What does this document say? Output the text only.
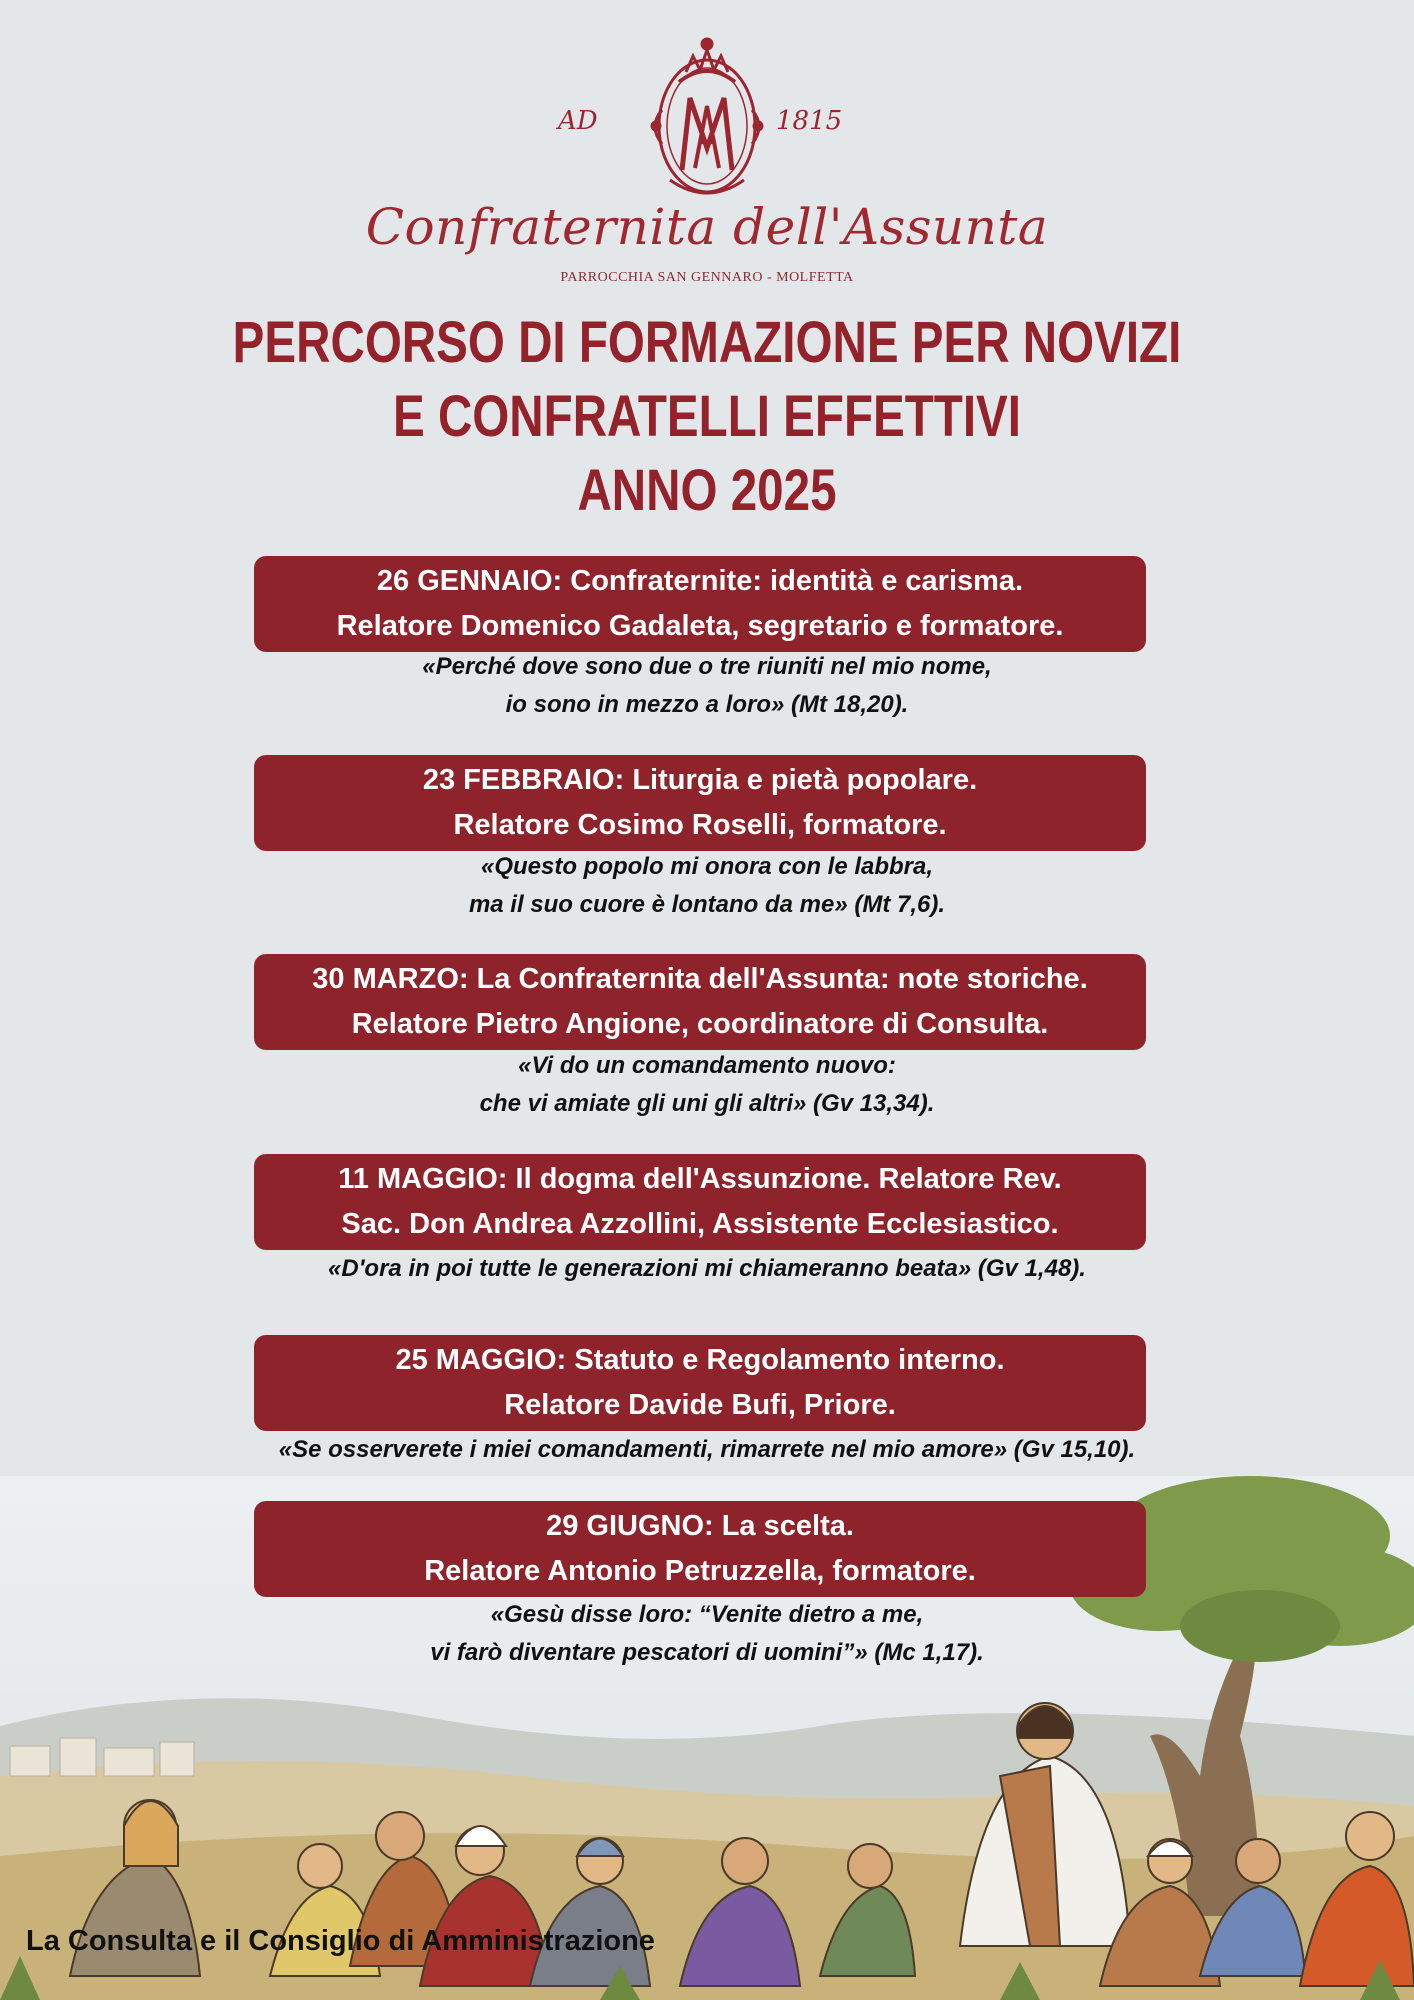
AD	1815
Confraternita dell'Assunta
PARROCCHIA SAN GENNARO - MOLFETTA
PERCORSO DI FORMAZIONE PER NOVIZI
E CONFRATELLI EFFETTIVI
ANNO 2025
26 GENNAIO: Confraternite: identità e carisma.
Relatore Domenico Gadaleta, segretario e formatore.
«Perché dove sono due o tre riuniti nel mio nome,
io sono in mezzo a loro» (Mt 18,20).
23 FEBBRAIO: Liturgia e pietà popolare.
Relatore Cosimo Roselli, formatore.
«Questo popolo mi onora con le labbra,
ma il suo cuore è lontano da me» (Mt 7,6).
30 MARZO: La Confraternita dell'Assunta: note storiche.
Relatore Pietro Angione, coordinatore di Consulta.
«Vi do un comandamento nuovo:
che vi amiate gli uni gli altri» (Gv 13,34).
11 MAGGIO: Il dogma dell'Assunzione. Relatore Rev.
Sac. Don Andrea Azzollini, Assistente Ecclesiastico.
«D'ora in poi tutte le generazioni mi chiameranno beata» (Gv 1,48).
25 MAGGIO: Statuto e Regolamento interno.
Relatore Davide Bufi, Priore.
«Se osserverete i miei comandamenti, rimarrete nel mio amore» (Gv 15,10).
29 GIUGNO: La scelta.
Relatore Antonio Petruzzella, formatore.
«Gesù disse loro: “Venite dietro a me,
vi farò diventare pescatori di uomini”» (Mc 1,17).
La Consulta e il Consiglio di Amministrazione
